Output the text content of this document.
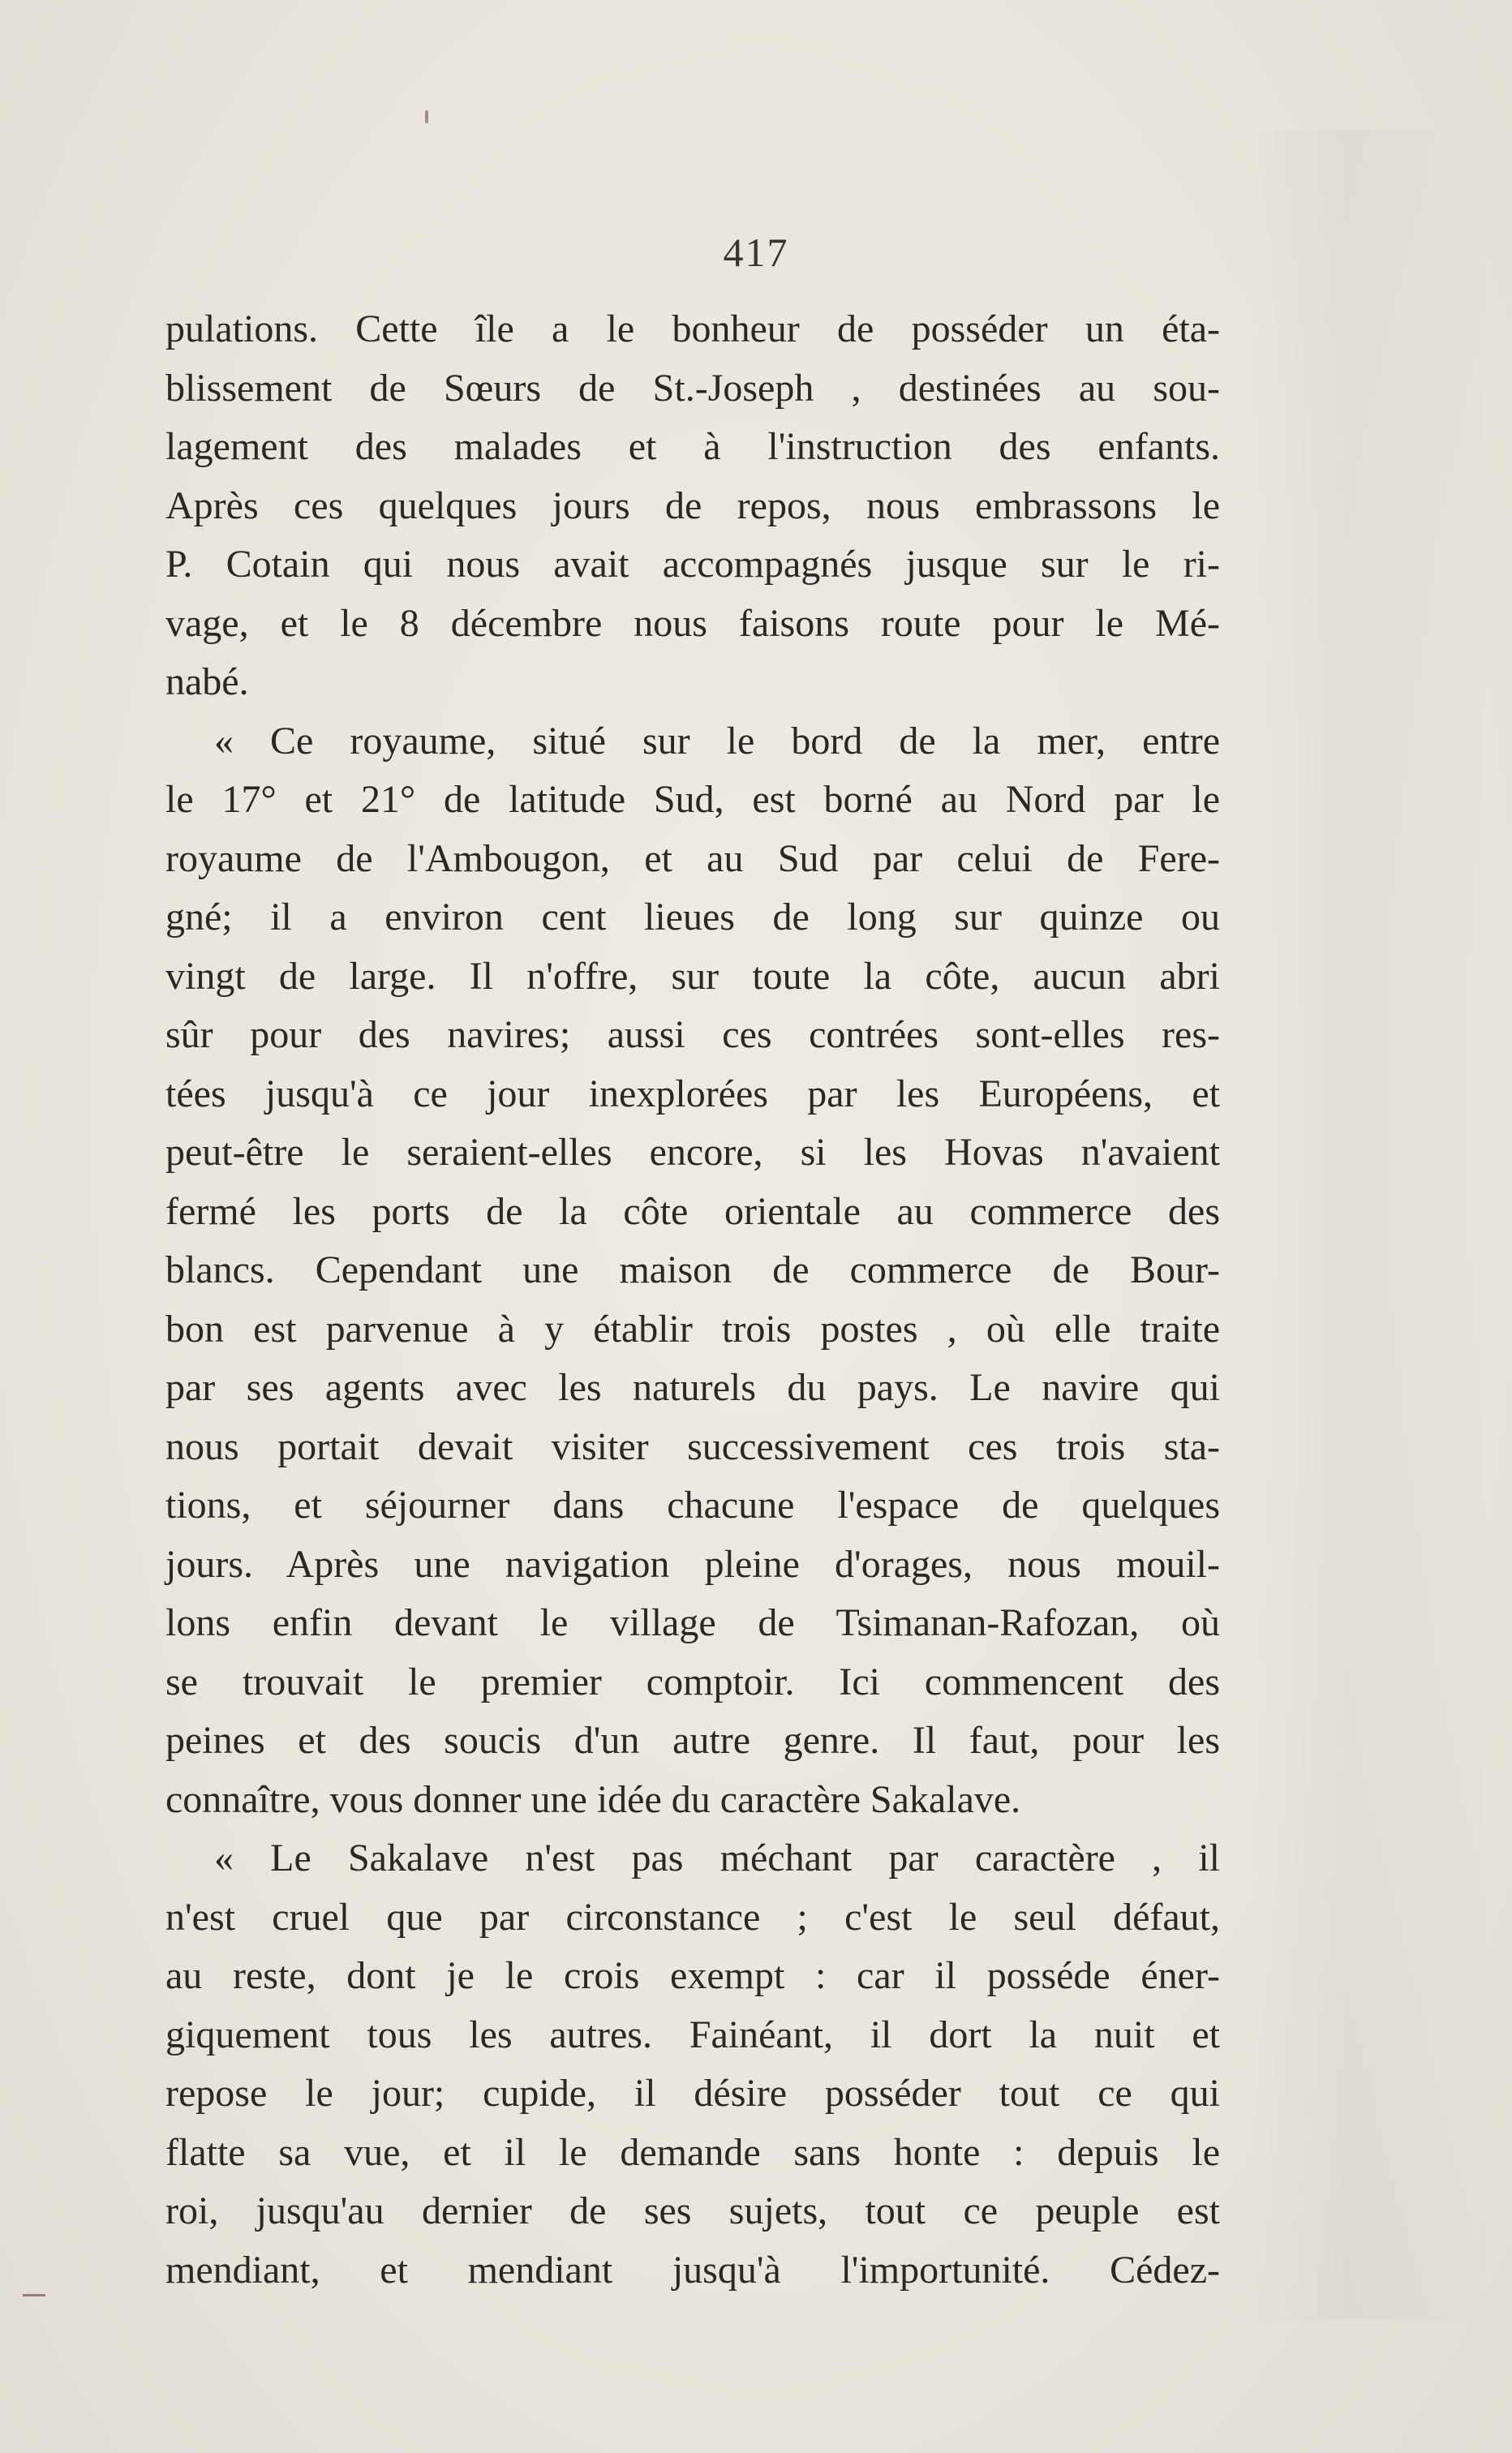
417
pulations. Cette île a le bonheur de posséder un éta-
blissement de Sœurs de St.-Joseph , destinées au sou-
lagement des malades et à l'instruction des enfants.
Après ces quelques jours de repos, nous embrassons le
P. Cotain qui nous avait accompagnés jusque sur le ri-
vage, et le 8 décembre nous faisons route pour le Mé-
nabé.
« Ce royaume, situé sur le bord de la mer, entre
le 17° et 21° de latitude Sud, est borné au Nord par le
royaume de l'Ambougon, et au Sud par celui de Fere-
gné; il a environ cent lieues de long sur quinze ou
vingt de large. Il n'offre, sur toute la côte, aucun abri
sûr pour des navires; aussi ces contrées sont-elles res-
tées jusqu'à ce jour inexplorées par les Européens, et
peut-être le seraient-elles encore, si les Hovas n'avaient
fermé les ports de la côte orientale au commerce des
blancs. Cependant une maison de commerce de Bour-
bon est parvenue à y établir trois postes , où elle traite
par ses agents avec les naturels du pays. Le navire qui
nous portait devait visiter successivement ces trois sta-
tions, et séjourner dans chacune l'espace de quelques
jours. Après une navigation pleine d'orages, nous mouil-
lons enfin devant le village de Tsimanan-Rafozan, où
se trouvait le premier comptoir. Ici commencent des
peines et des soucis d'un autre genre. Il faut, pour les
connaître, vous donner une idée du caractère Sakalave.
« Le Sakalave n'est pas méchant par caractère , il
n'est cruel que par circonstance ; c'est le seul défaut,
au reste, dont je le crois exempt : car il posséde éner-
giquement tous les autres. Fainéant, il dort la nuit et
repose le jour; cupide, il désire posséder tout ce qui
flatte sa vue, et il le demande sans honte : depuis le
roi, jusqu'au dernier de ses sujets, tout ce peuple est
mendiant, et mendiant jusqu'à l'importunité. Cédez-
